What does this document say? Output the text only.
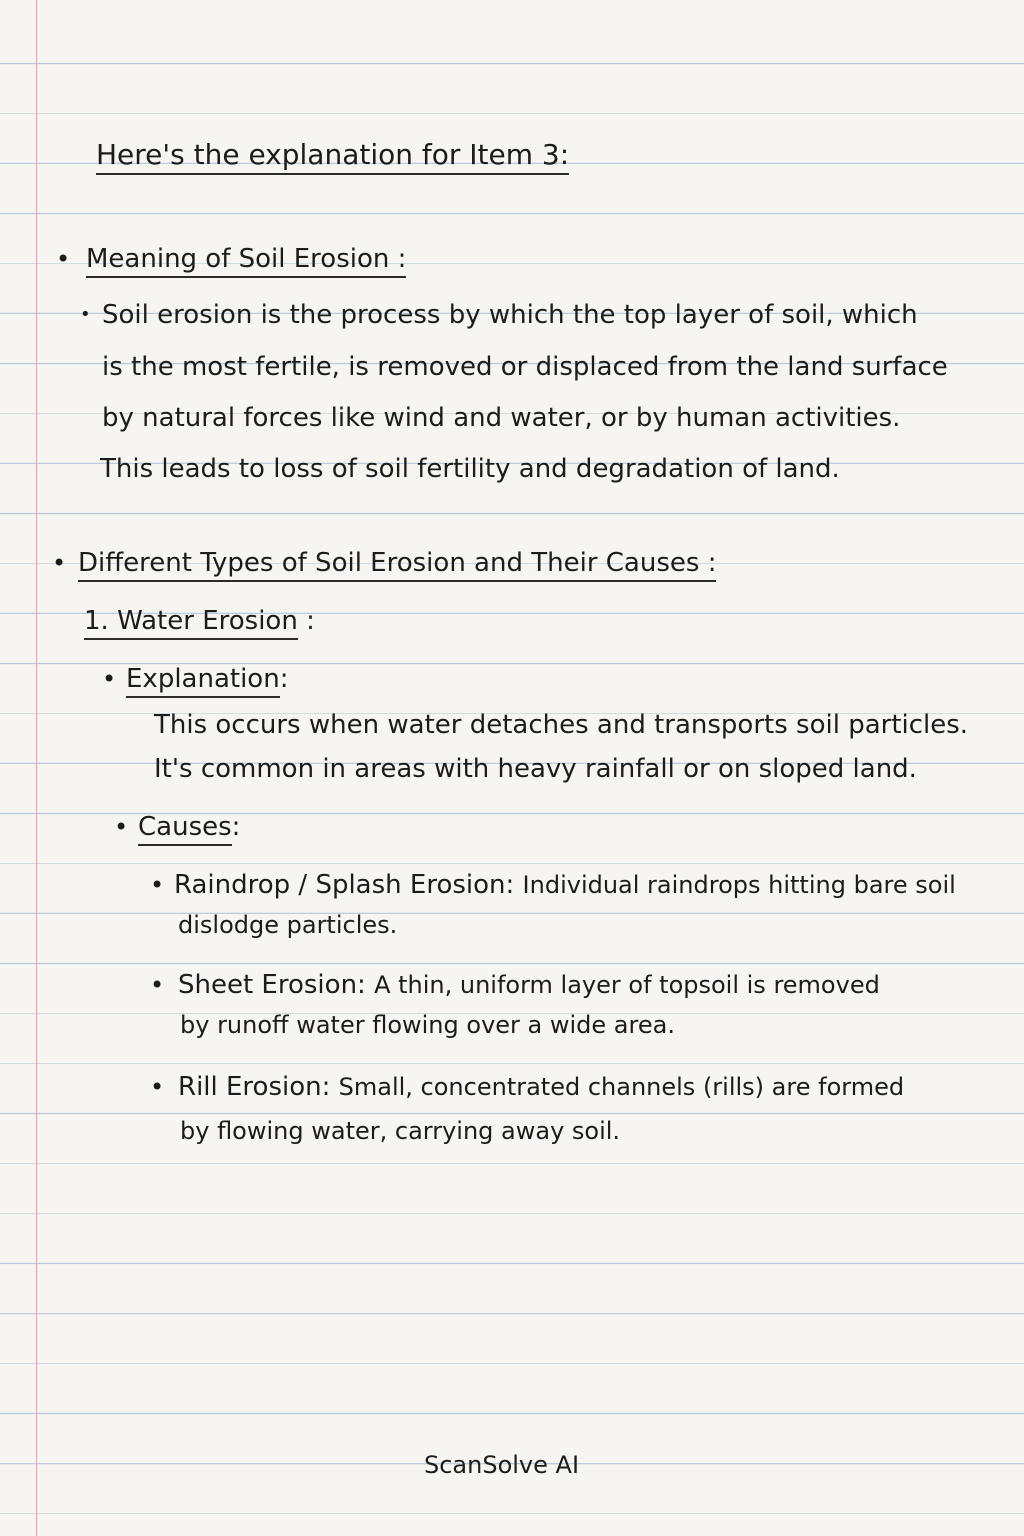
Here's the explanation for Item 3:
• Meaning of Soil Erosion :
• Soil erosion is the process by which the top layer of soil, which
is the most fertile, is removed or displaced from the land surface
by natural forces like wind and water, or by human activities.
This leads to loss of soil fertility and degradation of land.
• Different Types of Soil Erosion and Their Causes :
1. Water Erosion :
• Explanation:
This occurs when water detaches and transports soil particles.
It's common in areas with heavy rainfall or on sloped land.
• Causes:
• Raindrop / Splash Erosion: Individual raindrops hitting bare soil
dislodge particles.
• Sheet Erosion: A thin, uniform layer of topsoil is removed
by runoff water flowing over a wide area.
• Rill Erosion: Small, concentrated channels (rills) are formed
by flowing water, carrying away soil.
ScanSolve AI
